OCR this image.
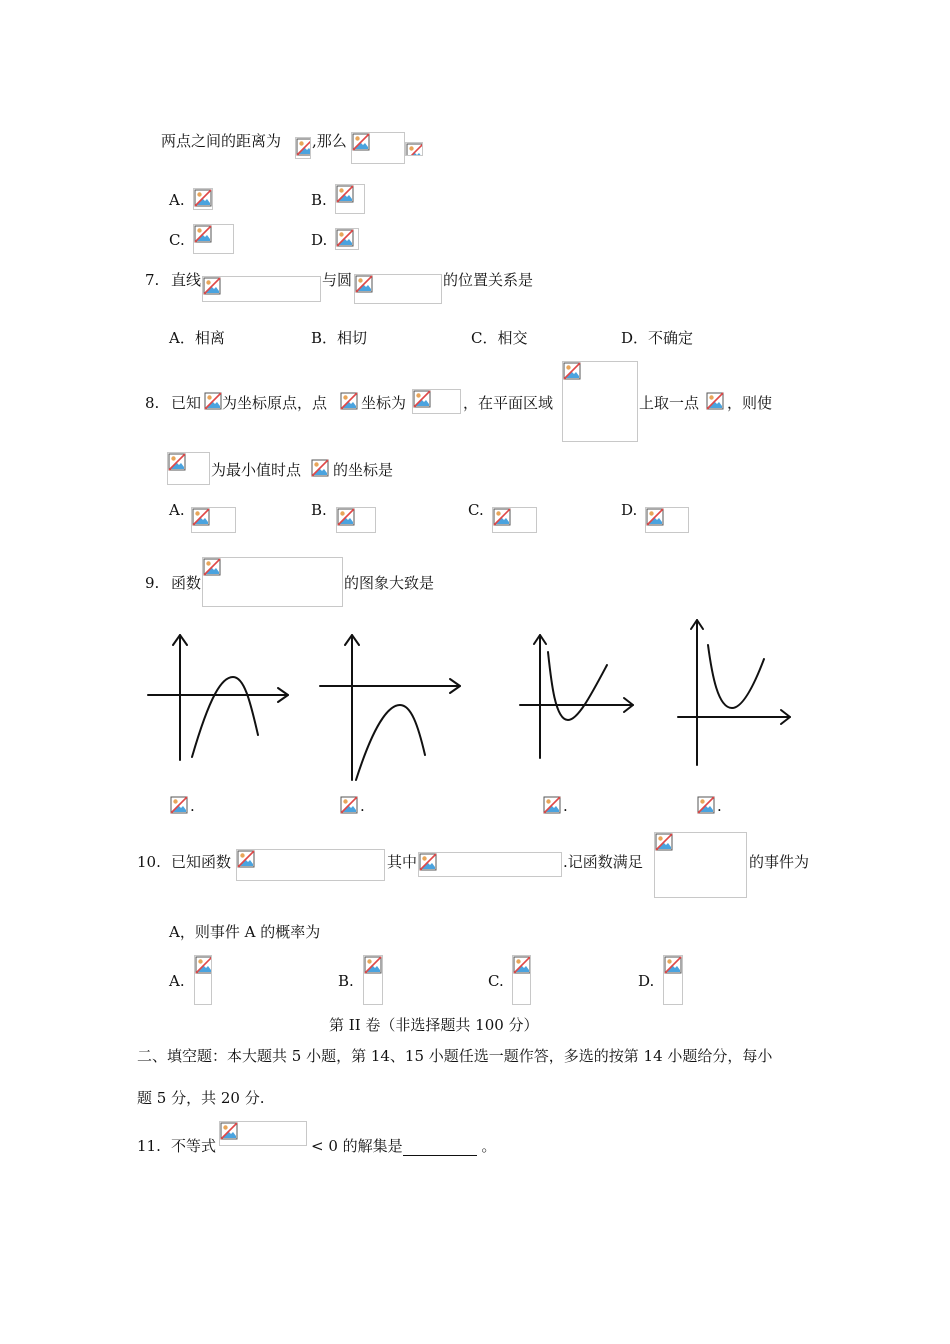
两点之间的距离为 ,那么
A.	B.
C.	D.
7. 直线	与圆	的位置关系是
A．相离	B．相切	C．相交	D．不确定
8. 已知 为坐标原点，点 坐标为	，在平面区域	上取一点 ，则使
为最小值时点 的坐标是
A.	B.	C.	D.
9. 函数	的图象大致是
.	.	.	.
10. 已知函数	其中	.记函数满足	的事件为
A，则事件 A 的概率为
A.	B.	C.	D.
第 II 卷（非选择题共 100 分）
二、填空题：本大题共 5 小题，第 14、15 小题任选一题作答，多选的按第 14 小题给分，每小
题 5 分，共 20 分.
11. 不等式	< 0 的解集是	。
